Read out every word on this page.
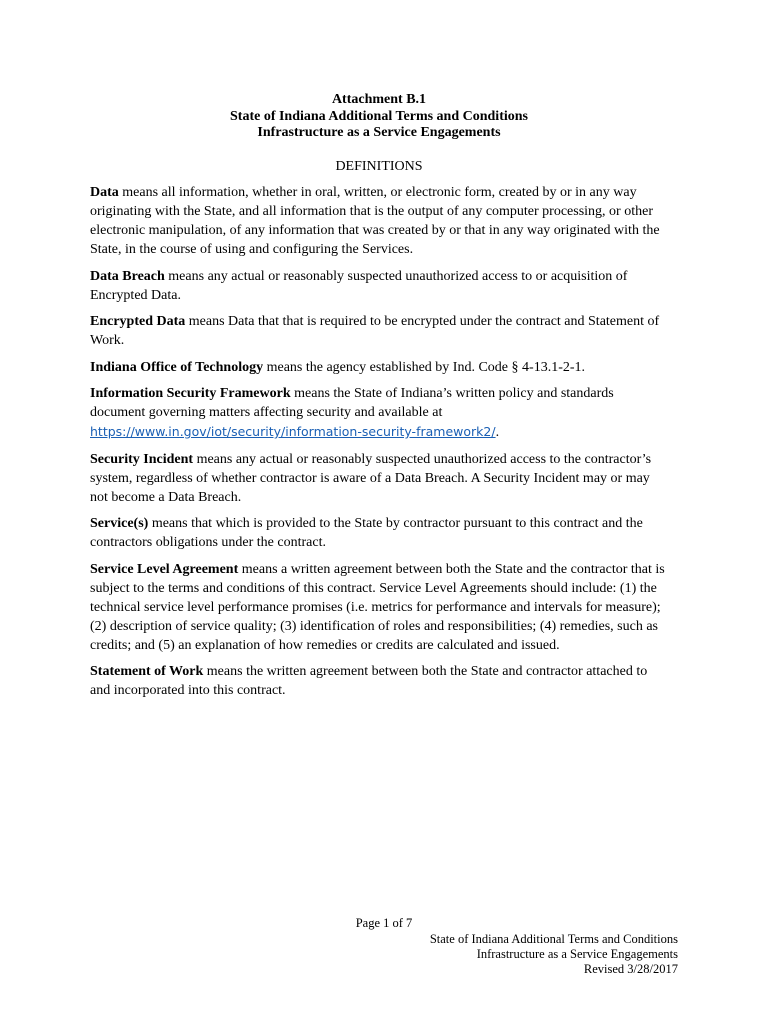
Attachment B.1
State of Indiana Additional Terms and Conditions
Infrastructure as a Service Engagements
DEFINITIONS

Data means all information, whether in oral, written, or electronic form, created by or in any way originating with the State, and all information that is the output of any computer processing, or other electronic manipulation, of any information that was created by or that in any way originated with the State, in the course of using and configuring the Services.

Data Breach means any actual or reasonably suspected unauthorized access to or acquisition of Encrypted Data.

Encrypted Data means Data that that is required to be encrypted under the contract and Statement of Work.

Indiana Office of Technology means the agency established by Ind. Code § 4-13.1-2-1.

Information Security Framework means the State of Indiana’s written policy and standards document governing matters affecting security and available at https://www.in.gov/iot/security/information-security-framework2/.

Security Incident means any actual or reasonably suspected unauthorized access to the contractor’s system, regardless of whether contractor is aware of a Data Breach. A Security Incident may or may not become a Data Breach.

Service(s) means that which is provided to the State by contractor pursuant to this contract and the contractors obligations under the contract.

Service Level Agreement means a written agreement between both the State and the contractor that is subject to the terms and conditions of this contract. Service Level Agreements should include: (1) the technical service level performance promises (i.e. metrics for performance and intervals for measure); (2) description of service quality; (3) identification of roles and responsibilities; (4) remedies, such as credits; and (5) an explanation of how remedies or credits are calculated and issued.

Statement of Work means the written agreement between both the State and contractor attached to and incorporated into this contract.

Page 1 of 7
State of Indiana Additional Terms and Conditions
Infrastructure as a Service Engagements
Revised 3/28/2017
